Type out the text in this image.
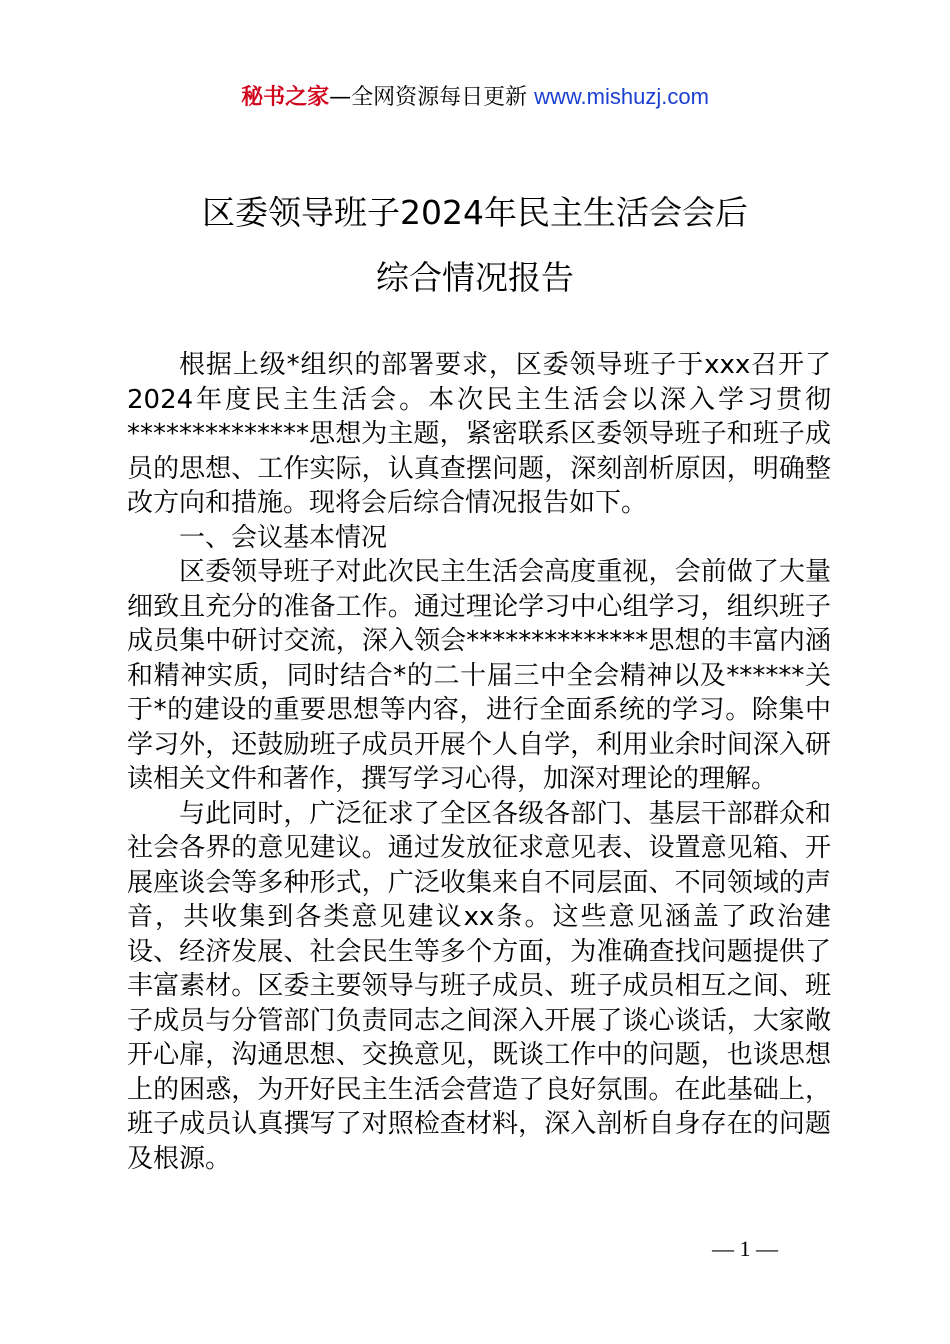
秘书之家—全网资源每日更新 www.mishuzj.com
区委领导班子2024年民主生活会会后
综合情况报告

根据上级*组织的部署要求，区委领导班子于xxx召开了2024年度民主生活会。本次民主生活会以深入学习贯彻**************思想为主题，紧密联系区委领导班子和班子成员的思想、工作实际，认真查摆问题，深刻剖析原因，明确整改方向和措施。现将会后综合情况报告如下。

一、会议基本情况

区委领导班子对此次民主生活会高度重视，会前做了大量细致且充分的准备工作。通过理论学习中心组学习，组织班子成员集中研讨交流，深入领会**************思想的丰富内涵和精神实质，同时结合*的二十届三中全会精神以及******关于*的建设的重要思想等内容，进行全面系统的学习。除集中学习外，还鼓励班子成员开展个人自学，利用业余时间深入研读相关文件和著作，撰写学习心得，加深对理论的理解。

与此同时，广泛征求了全区各级各部门、基层干部群众和社会各界的意见建议。通过发放征求意见表、设置意见箱、开展座谈会等多种形式，广泛收集来自不同层面、不同领域的声音，共收集到各类意见建议xx条。这些意见涵盖了政治建设、经济发展、社会民生等多个方面，为准确查找问题提供了丰富素材。区委主要领导与班子成员、班子成员相互之间、班子成员与分管部门负责同志之间深入开展了谈心谈话，大家敞开心扉，沟通思想、交换意见，既谈工作中的问题，也谈思想上的困惑，为开好民主生活会营造了良好氛围。在此基础上，班子成员认真撰写了对照检查材料，深入剖析自身存在的问题及根源。

— 1 —
